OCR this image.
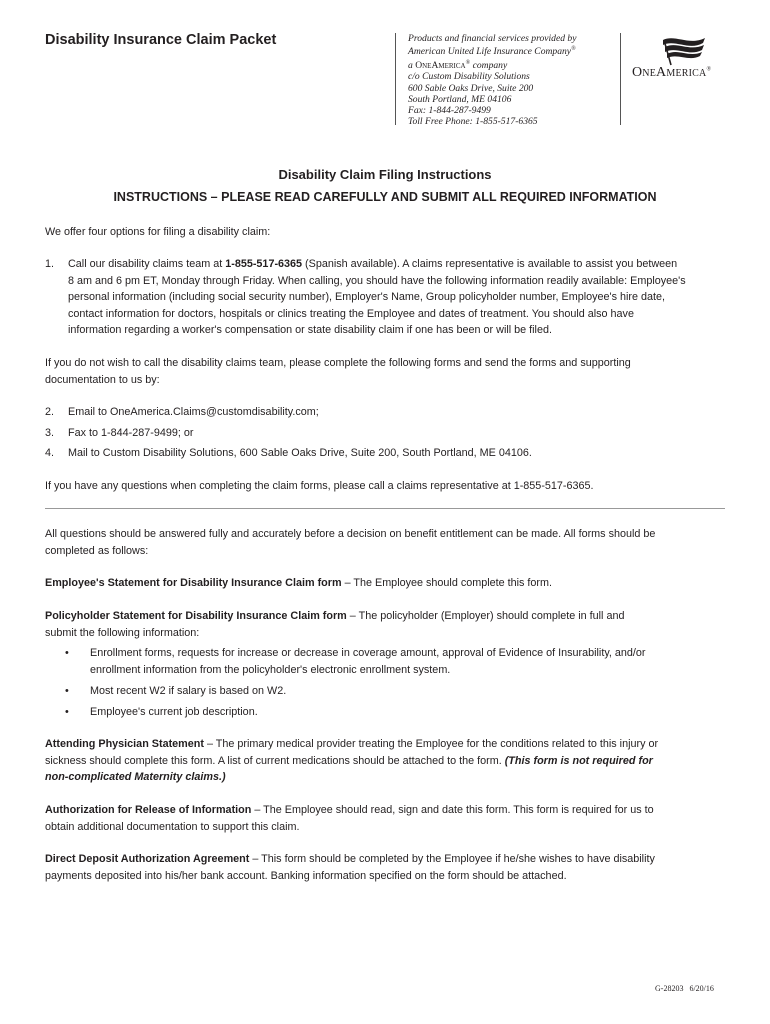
Disability Insurance Claim Packet	Products and financial services provided by
American United Life Insurance Company®
a OneAmerica® company
c/o Custom Disability Solutions
600 Sable Oaks Drive, Suite 200
South Portland, ME 04106
Fax: 1-844-287-9499
Toll Free Phone: 1-855-517-6365
OneAmerica®
Disability Claim Filing Instructions
INSTRUCTIONS – PLEASE READ CAREFULLY AND SUBMIT ALL REQUIRED INFORMATION

We offer four options for filing a disability claim:

1. Call our disability claims team at 1-855-517-6365 (Spanish available). A claims representative is available to assist you between
8 am and 6 pm ET, Monday through Friday. When calling, you should have the following information readily available: Employee's
personal information (including social security number), Employer's Name, Group policyholder number, Employee's hire date,
contact information for doctors, hospitals or clinics treating the Employee and dates of treatment. You should also have
information regarding a worker's compensation or state disability claim if one has been or will be filed.
If you do not wish to call the disability claims team, please complete the following forms and send the forms and supporting
documentation to us by:
2. Email to OneAmerica.Claims@customdisability.com;
3. Fax to 1-844-287-9499; or
4. Mail to Custom Disability Solutions, 600 Sable Oaks Drive, Suite 200, South Portland, ME 04106.

If you have any questions when completing the claim forms, please call a claims representative at 1-855-517-6365.

All questions should be answered fully and accurately before a decision on benefit entitlement can be made. All forms should be
completed as follows:

Employee's Statement for Disability Insurance Claim form – The Employee should complete this form.

Policyholder Statement for Disability Insurance Claim form – The policyholder (Employer) should complete in full and
submit the following information:
• Enrollment forms, requests for increase or decrease in coverage amount, approval of Evidence of Insurability, and/or
enrollment information from the policyholder's electronic enrollment system.
• Most recent W2 if salary is based on W2.
• Employee's current job description.
Attending Physician Statement – The primary medical provider treating the Employee for the conditions related to this injury or
sickness should complete this form. A list of current medications should be attached to the form. (This form is not required for
non-complicated Maternity claims.)
Authorization for Release of Information – The Employee should read, sign and date this form. This form is required for us to
obtain additional documentation to support this claim.
Direct Deposit Authorization Agreement – This form should be completed by the Employee if he/she wishes to have disability
payments deposited into his/her bank account. Banking information specified on the form should be attached.
G-28203 6/20/16
